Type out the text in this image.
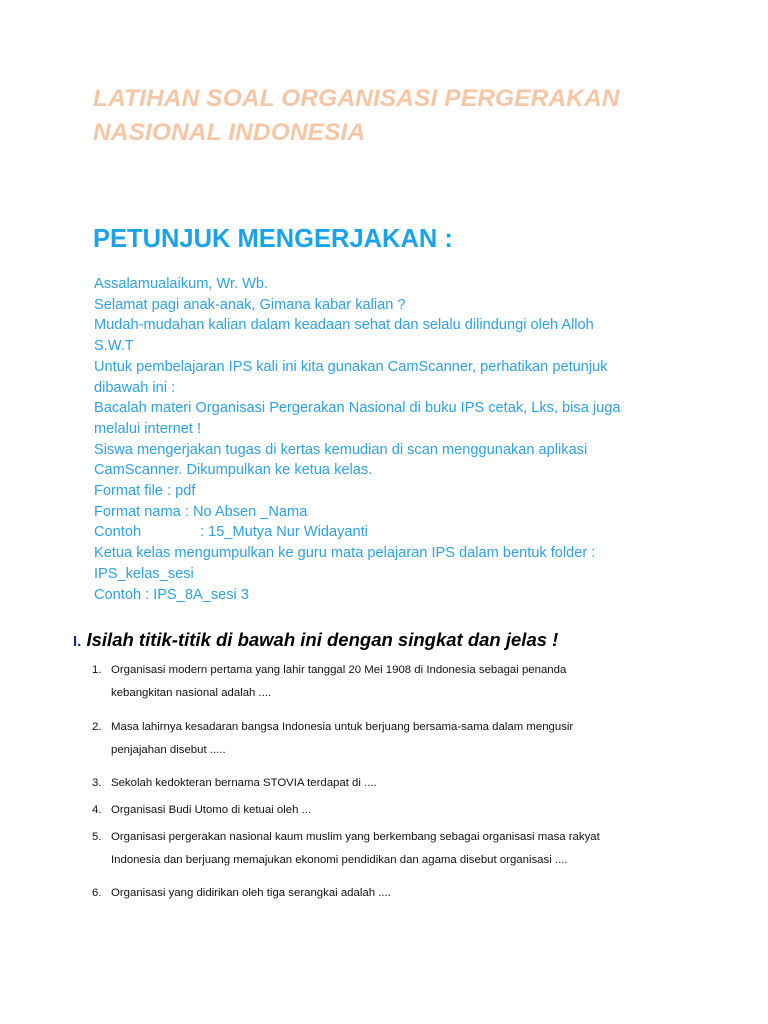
LATIHAN SOAL ORGANISASI PERGERAKAN
NASIONAL INDONESIA
PETUNJUK MENGERJAKAN :
Assalamualaikum, Wr. Wb.
Selamat pagi anak-anak, Gimana kabar kalian ?
Mudah-mudahan kalian dalam keadaan sehat dan selalu dilindungi oleh Alloh
S.W.T
Untuk pembelajaran IPS kali ini kita gunakan CamScanner, perhatikan petunjuk
dibawah ini :
Bacalah materi Organisasi Pergerakan Nasional di buku IPS cetak, Lks, bisa juga
melalui internet !
Siswa mengerjakan tugas di kertas kemudian di scan menggunakan aplikasi
CamScanner. Dikumpulkan ke ketua kelas.
Format file : pdf
Format nama : No Absen _Nama
Contoh	: 15_Mutya Nur Widayanti
Ketua kelas mengumpulkan ke guru mata pelajaran IPS dalam bentuk folder :
IPS_kelas_sesi
Contoh : IPS_8A_sesi 3
I. Isilah titik-titik di bawah ini dengan singkat dan jelas !
1. Organisasi modern pertama yang lahir tanggal 20 Mei 1908 di Indonesia sebagai penanda
kebangkitan nasional adalah ....
2. Masa lahirnya kesadaran bangsa Indonesia untuk berjuang bersama-sama dalam mengusir
penjajahan disebut .....
3. Sekolah kedokteran bernama STOVIA terdapat di ....
4. Organisasi Budi Utomo di ketuai oleh ...
5. Organisasi pergerakan nasional kaum muslim yang berkembang sebagai organisasi masa rakyat
Indonesia dan berjuang memajukan ekonomi pendidikan dan agama disebut organisasi ....
6. Organisasi yang didirikan oleh tiga serangkai adalah ....
